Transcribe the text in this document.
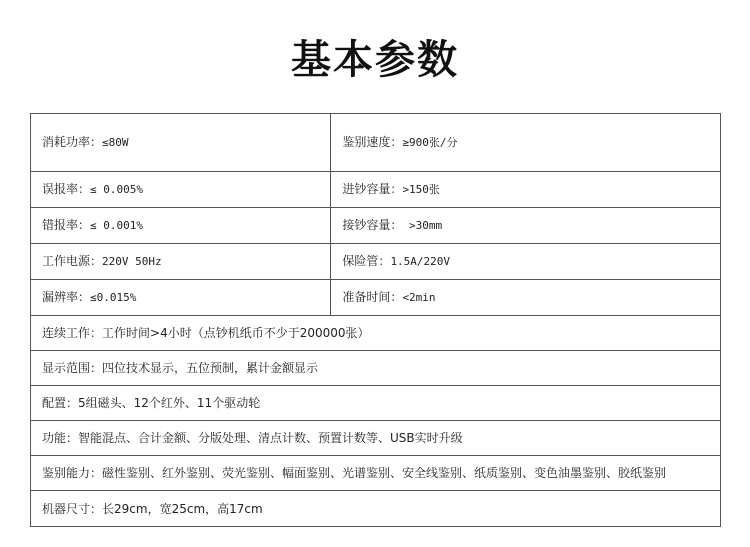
基本参数
消耗功率：≤80W	鉴别速度：≥900张/分
误报率：≤ 0.005%	进钞容量：>150张
错报率：≤ 0.001%	接钞容量： >30mm
工作电源：220V 50Hz	保险管：1.5A/220V
漏辨率：≤0.015%	准备时间：<2min
连续工作：工作时间>4小时（点钞机纸币不少于200000张）	
显示范围：四位技术显示，五位预制，累计金额显示	
配置：5组磁头、12个红外、11个驱动轮	
功能：智能混点、合计金额、分版处理、清点计数、预置计数等、USB实时升级	
鉴别能力：磁性鉴别、红外鉴别、荧光鉴别、幅面鉴别、光谱鉴别、安全线鉴别、纸质鉴别、变色油墨鉴别、胶纸鉴别	
机器尺寸：长29cm，宽25cm，高17cm	
